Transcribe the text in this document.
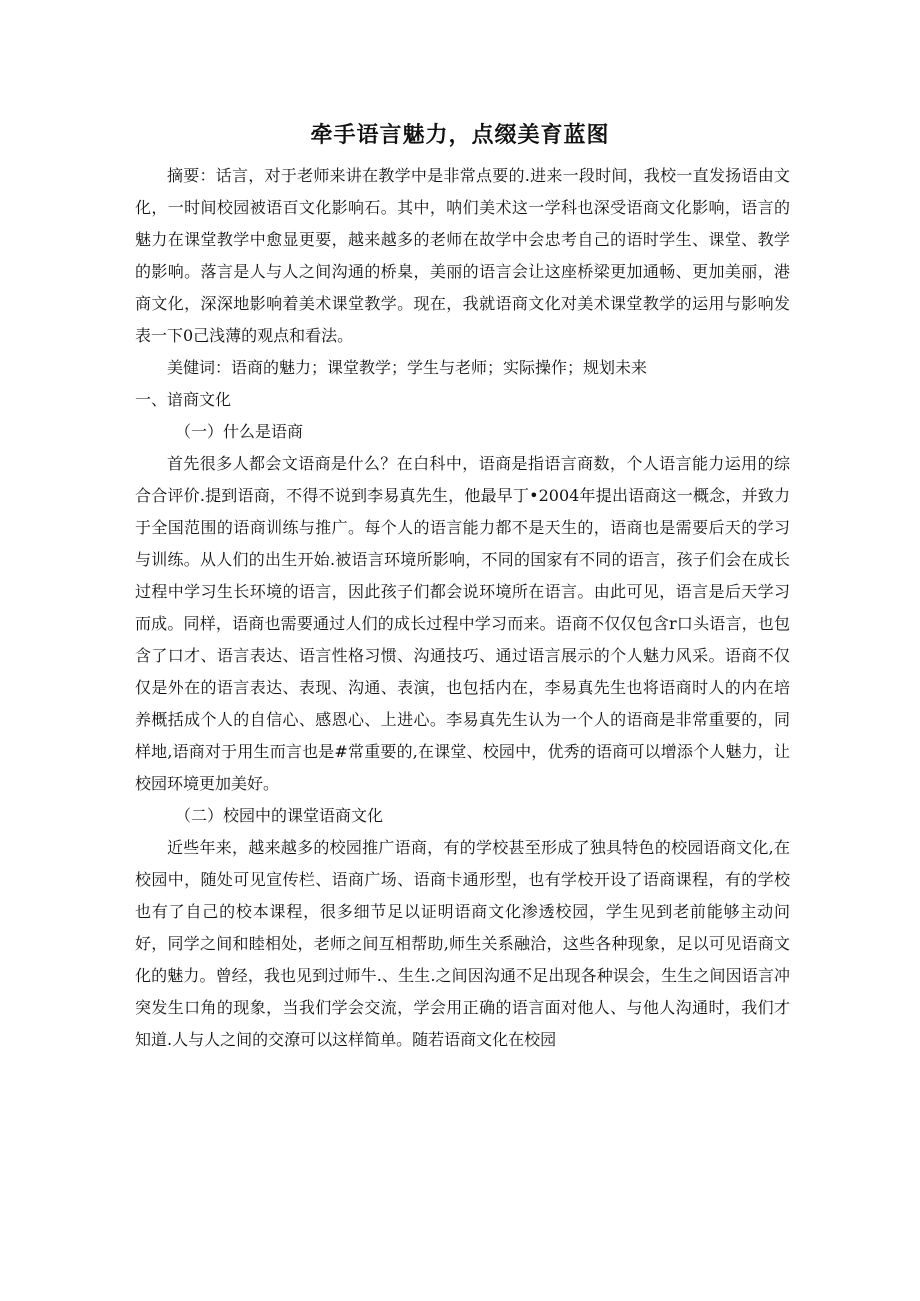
牵手语言魅力，点缀美育蓝图

摘要：话言，对于老师来讲在教学中是非常点要的.进来一段时间，我校一直发扬语由文化，一时间校园被语百文化影响石。其中，呐们美术这一学科也深受语商文化影响，语言的魅力在课堂教学中愈显更要，越来越多的老师在故学中会忠考自己的语时学生、课堂、教学的影响。落言是人与人之间沟通的桥臬，美丽的语言会让这座桥梁更加通畅、更加美丽，港商文化，深深地影响着美术课堂教学。现在，我就语商文化对美术课堂教学的运用与影响发表一下0己浅薄的观点和看法。

美健词：语商的魅力；课堂教学；学生与老师；实际操作；规划未来

一、谙商文化

（一）什么是语商

首先很多人都会文语商是什么？在白科中，语商是指语言商数，个人语言能力运用的综合合评价.提到语商，不得不说到李易真先生，他最早丁•2004年提出语商这一概念，并致力于全国范围的语商训练与推广。每个人的语言能力都不是天生的，语商也是需要后天的学习与训练。从人们的出生开始.被语言环境所影响，不同的国家有不同的语言，孩子们会在成长过程中学习生长环境的语言，因此孩子们都会说环境所在语言。由此可见，语言是后天学习而成。同样，语商也需要通过人们的成长过程中学习而来。语商不仅仅包含r口头语言，也包含了口才、语言表达、语言性格习惯、沟通技巧、通过语言展示的个人魅力风采。语商不仅仅是外在的语言表达、表现、沟通、表演，也包括内在，李易真先生也将语商时人的内在培养概括成个人的自信心、感恩心、上进心。李易真先生认为一个人的语商是非常重要的，同样地,语商对于用生而言也是#常重要的,在课堂、校园中，优秀的语商可以增添个人魅力，让校园环境更加美好。

（二）校园中的课堂语商文化

近些年来，越来越多的校园推广语商，有的学校甚至形成了独具特色的校园语商文化,在校园中，随处可见宣传栏、语商广场、语商卡通形型，也有学校开设了语商课程，有的学校也有了自己的校本课程，很多细节足以证明语商文化渗透校园，学生见到老前能够主动问好，同学之间和睦相处，老师之间互相帮助,师生关系融洽，这些各种现象，足以可见语商文化的魅力。曾经，我也见到过师牛.、生生.之间因沟通不足出现各种误会，生生之间因语言冲突发生口角的现象，当我们学会交流，学会用正确的语言面对他人、与他人沟通时，我们才知道.人与人之间的交潦可以这样简单。随若语商文化在校园
